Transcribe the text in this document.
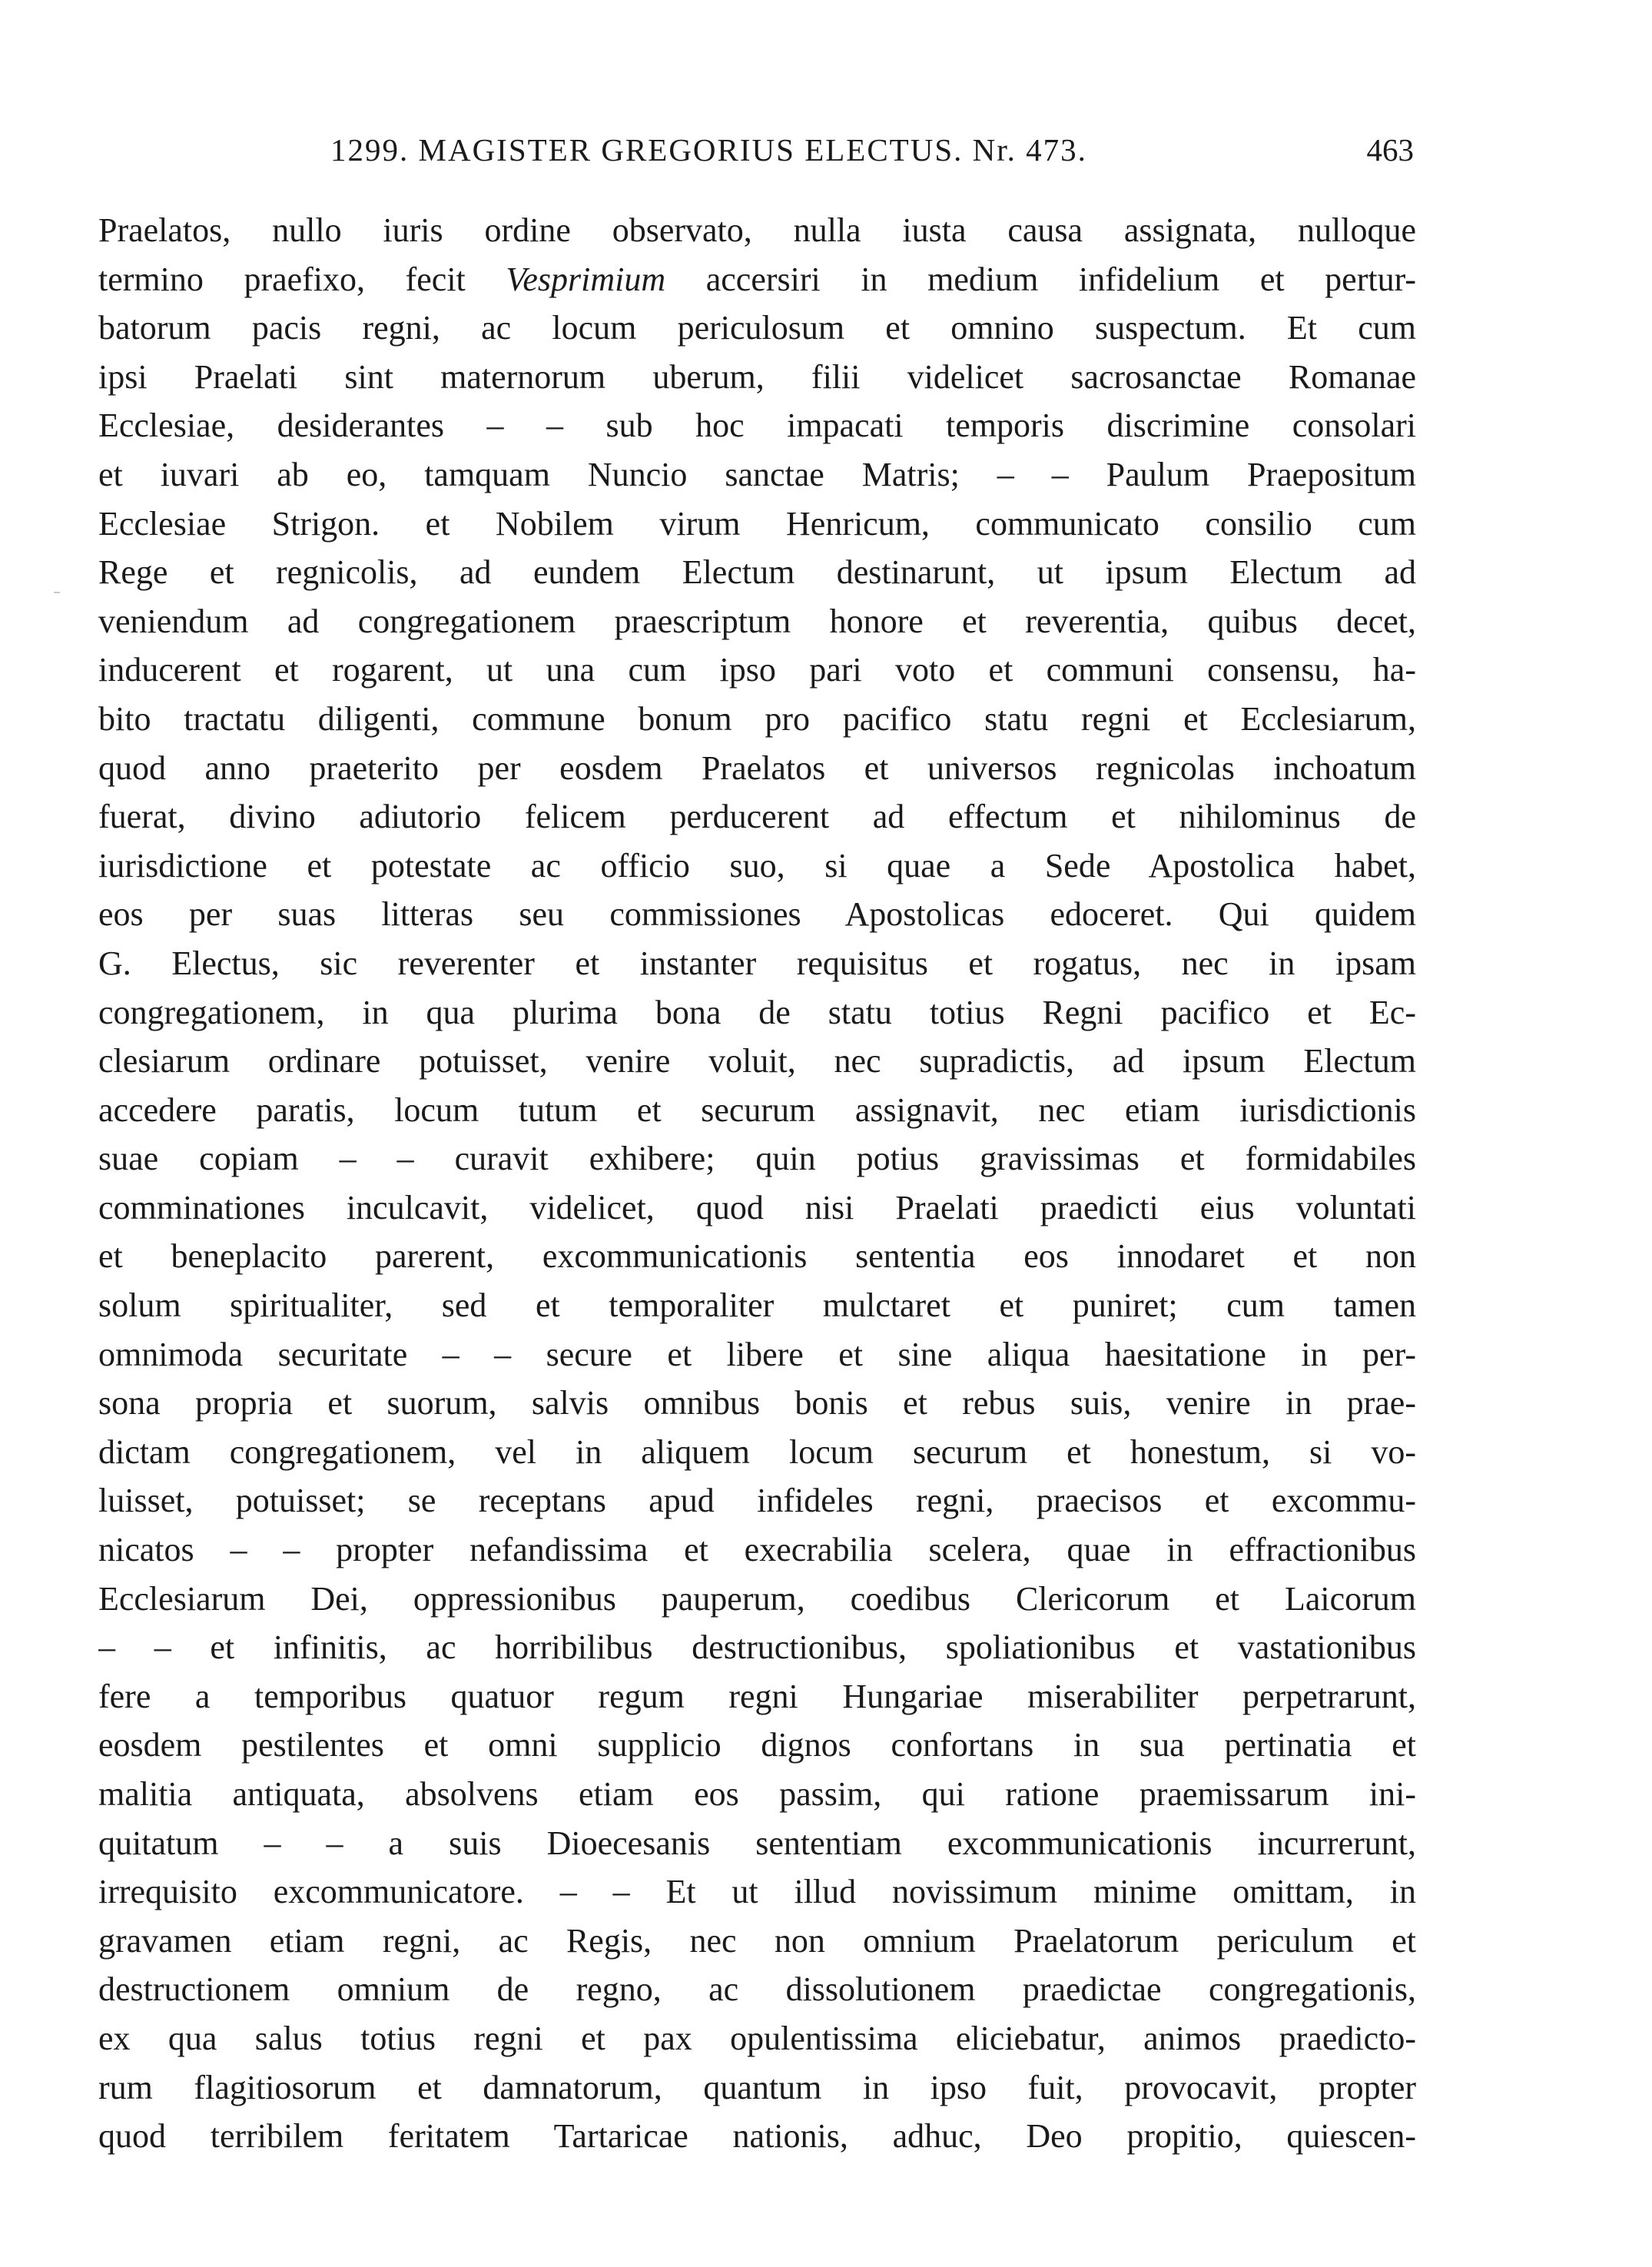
1299. MAGISTER GREGORIUS ELECTUS. Nr. 473.	463
Praelatos, nullo iuris ordine observato, nulla iusta causa assignata, nulloque
termino praefixo, fecit Vesprimium accersiri in medium infidelium et pertur-
batorum pacis regni, ac locum periculosum et omnino suspectum. Et cum
ipsi Praelati sint maternorum uberum, filii videlicet sacrosanctae Romanae
Ecclesiae, desiderantes – – sub hoc impacati temporis discrimine consolari
et iuvari ab eo, tamquam Nuncio sanctae Matris; – – Paulum Praepositum
Ecclesiae Strigon. et Nobilem virum Henricum, communicato consilio cum
Rege et regnicolis, ad eundem Electum destinarunt, ut ipsum Electum ad
veniendum ad congregationem praescriptum honore et reverentia, quibus decet,
inducerent et rogarent, ut una cum ipso pari voto et communi consensu, ha-
bito tractatu diligenti, commune bonum pro pacifico statu regni et Ecclesiarum,
quod anno praeterito per eosdem Praelatos et universos regnicolas inchoatum
fuerat, divino adiutorio felicem perducerent ad effectum et nihilominus de
iurisdictione et potestate ac officio suo, si quae a Sede Apostolica habet,
eos per suas litteras seu commissiones Apostolicas edoceret. Qui quidem
G. Electus, sic reverenter et instanter requisitus et rogatus, nec in ipsam
congregationem, in qua plurima bona de statu totius Regni pacifico et Ec-
clesiarum ordinare potuisset, venire voluit, nec supradictis, ad ipsum Electum
accedere paratis, locum tutum et securum assignavit, nec etiam iurisdictionis
suae copiam – – curavit exhibere; quin potius gravissimas et formidabiles
comminationes inculcavit, videlicet, quod nisi Praelati praedicti eius voluntati
et beneplacito parerent, excommunicationis sententia eos innodaret et non
solum spiritualiter, sed et temporaliter mulctaret et puniret; cum tamen
omnimoda securitate – – secure et libere et sine aliqua haesitatione in per-
sona propria et suorum, salvis omnibus bonis et rebus suis, venire in prae-
dictam congregationem, vel in aliquem locum securum et honestum, si vo-
luisset, potuisset; se receptans apud infideles regni, praecisos et excommu-
nicatos – – propter nefandissima et execrabilia scelera, quae in effractionibus
Ecclesiarum Dei, oppressionibus pauperum, coedibus Clericorum et Laicorum
– – et infinitis, ac horribilibus destructionibus, spoliationibus et vastationibus
fere a temporibus quatuor regum regni Hungariae miserabiliter perpetrarunt,
eosdem pestilentes et omni supplicio dignos confortans in sua pertinatia et
malitia antiquata, absolvens etiam eos passim, qui ratione praemissarum ini-
quitatum – – a suis Dioecesanis sententiam excommunicationis incurrerunt,
irrequisito excommunicatore. – – Et ut illud novissimum minime omittam, in
gravamen etiam regni, ac Regis, nec non omnium Praelatorum periculum et
destructionem omnium de regno, ac dissolutionem praedictae congregationis,
ex qua salus totius regni et pax opulentissima eliciebatur, animos praedicto-
rum flagitiosorum et damnatorum, quantum in ipso fuit, provocavit, propter
quod terribilem feritatem Tartaricae nationis, adhuc, Deo propitio, quiescen-
